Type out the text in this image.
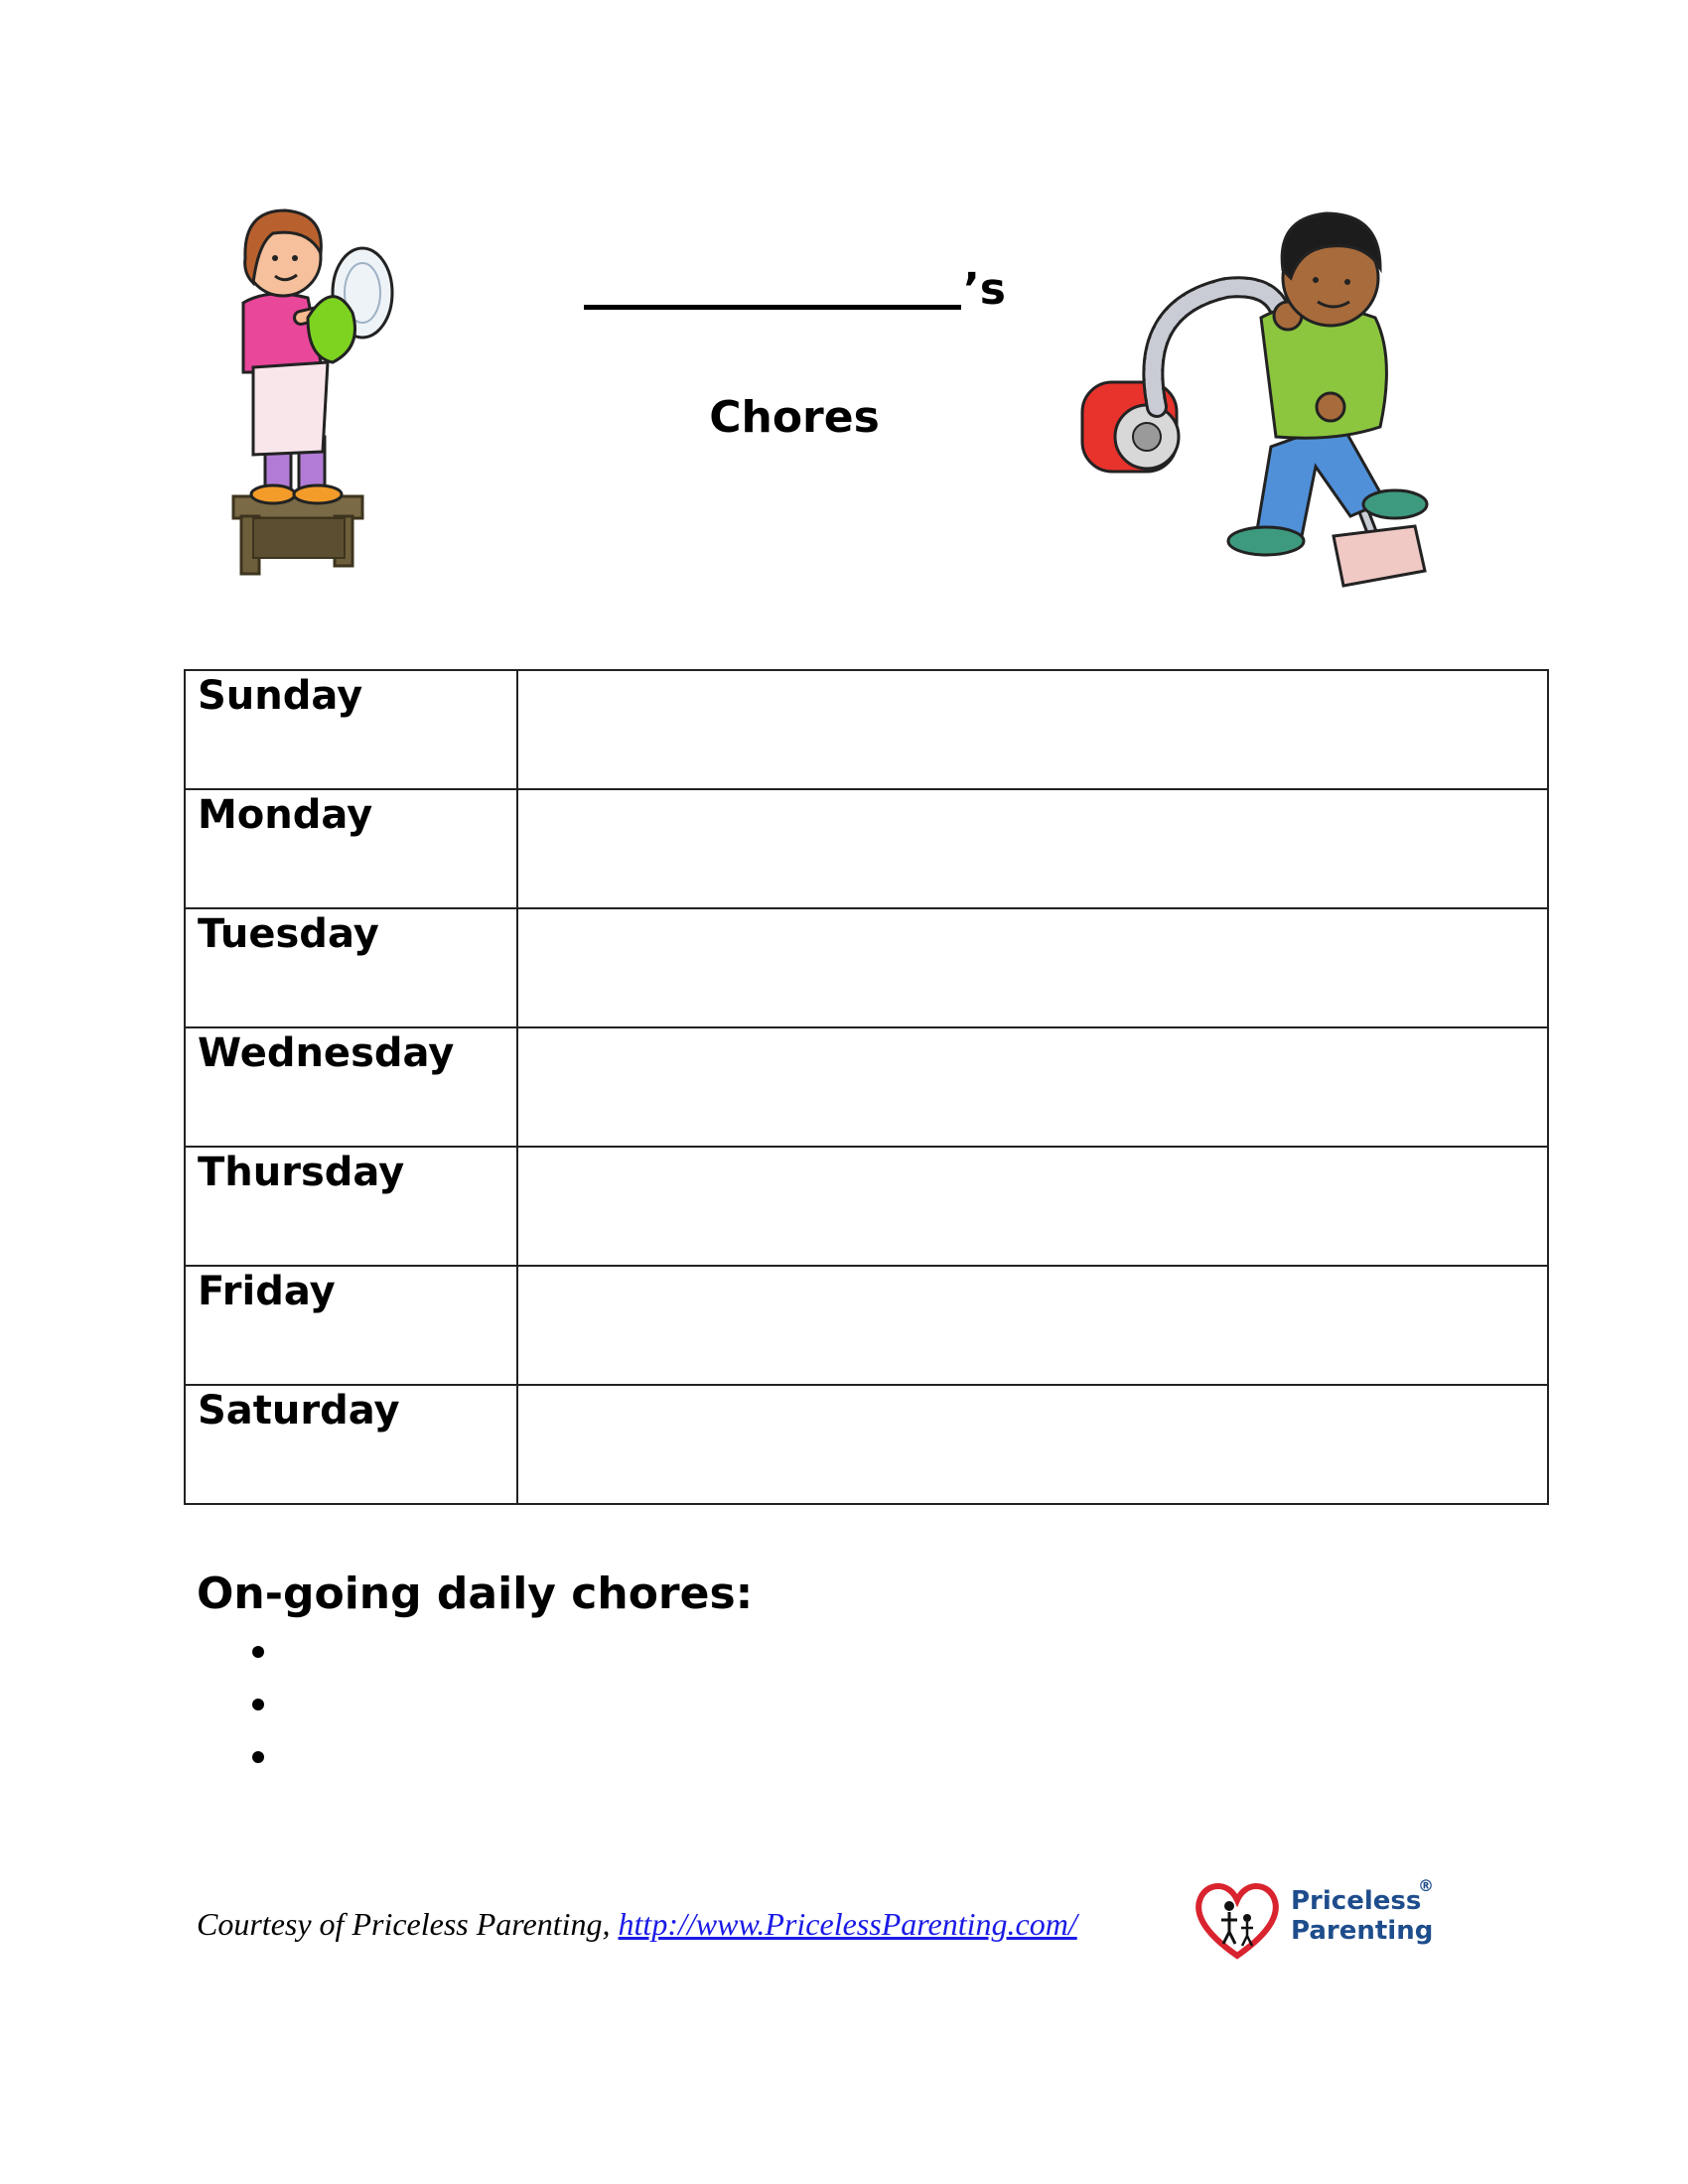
’s
Chores
Sunday	

Monday	

Tuesday	

Wednesday	

Thursday	

Friday	

Saturday	

On-going daily chores:
Courtesy of Priceless Parenting, http://www.PricelessParenting.com/
Priceless
Parenting
®
